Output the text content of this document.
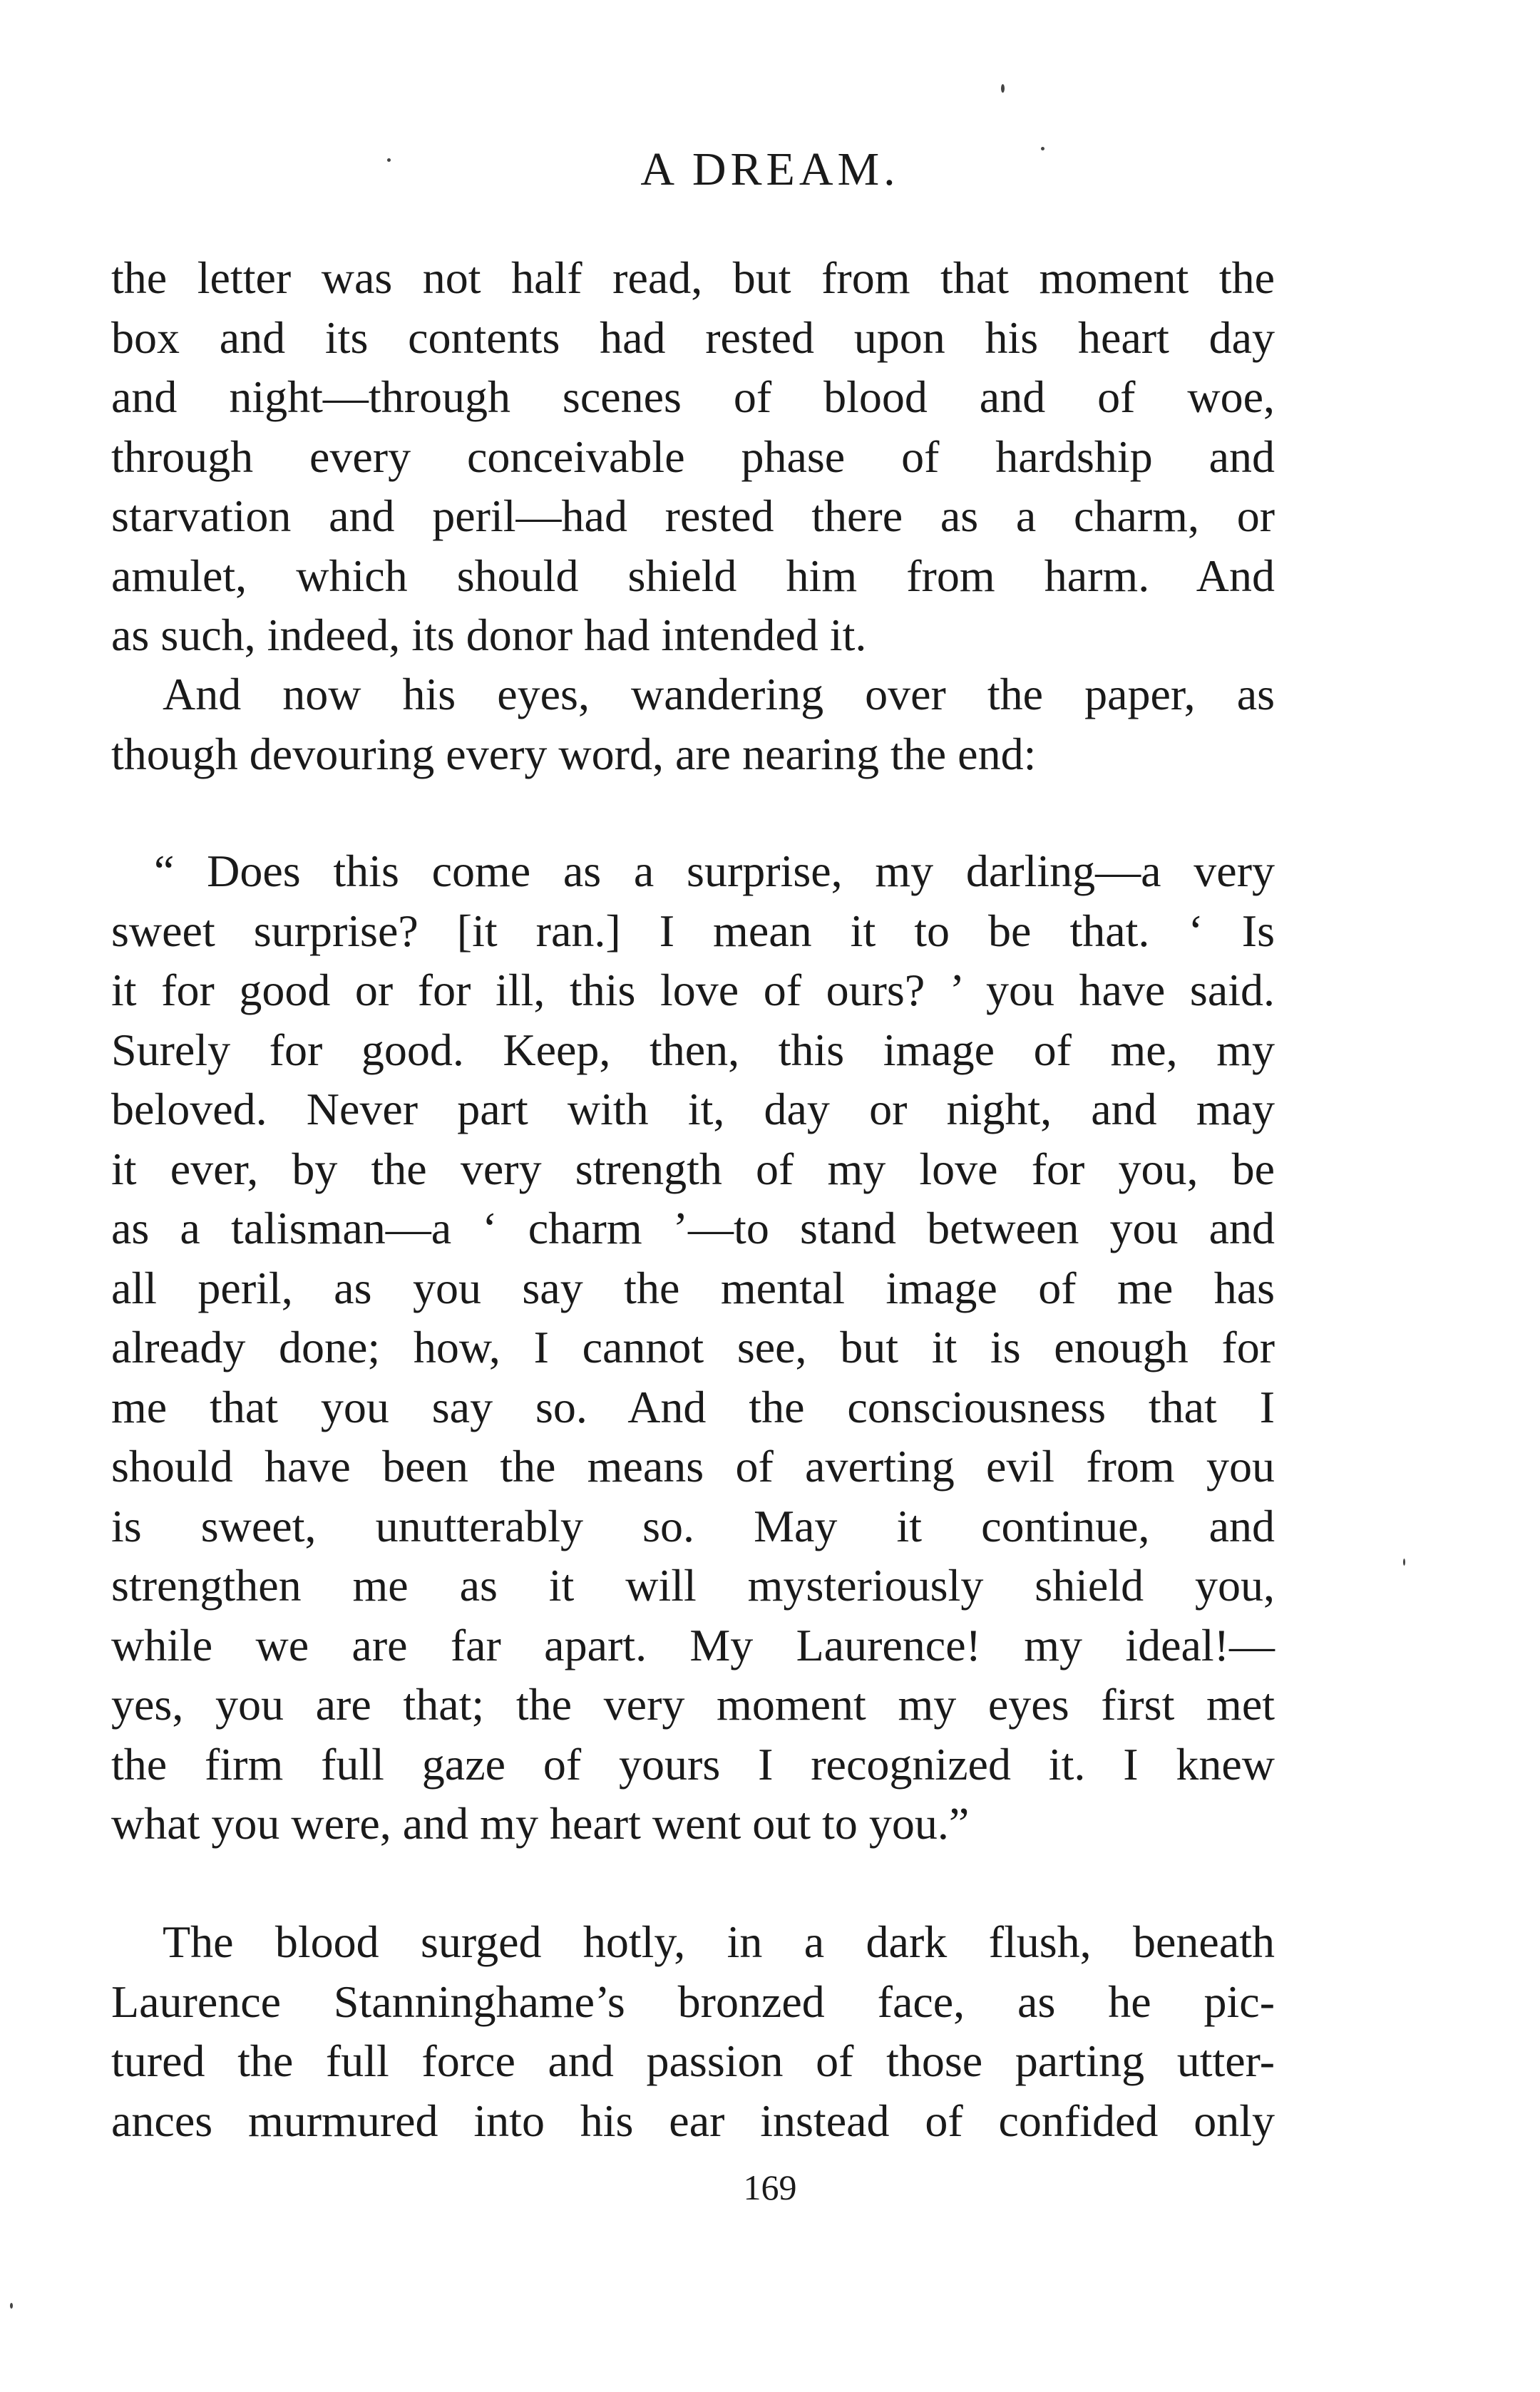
A DREAM.
the letter was not half read, but from that moment the
box and its contents had rested upon his heart day
and night—through scenes of blood and of woe,
through every conceivable phase of hardship and
starvation and peril—had rested there as a charm, or
amulet, which should shield him from harm. And
as such, indeed, its donor had intended it.
And now his eyes, wandering over the paper, as
though devouring every word, are nearing the end:
“ Does this come as a surprise, my darling—a very
sweet surprise? [it ran.] I mean it to be that. ‘ Is
it for good or for ill, this love of ours? ’ you have said.
Surely for good. Keep, then, this image of me, my
beloved. Never part with it, day or night, and may
it ever, by the very strength of my love for you, be
as a talisman—a ‘ charm ’—to stand between you and
all peril, as you say the mental image of me has
already done; how, I cannot see, but it is enough for
me that you say so. And the consciousness that I
should have been the means of averting evil from you
is sweet, unutterably so. May it continue, and
strengthen me as it will mysteriously shield you,
while we are far apart. My Laurence! my ideal!—
yes, you are that; the very moment my eyes first met
the firm full gaze of yours I recognized it. I knew
what you were, and my heart went out to you.”
The blood surged hotly, in a dark flush, beneath
Laurence Stanninghame’s bronzed face, as he pic-
tured the full force and passion of those parting utter-
ances murmured into his ear instead of confided only
169
